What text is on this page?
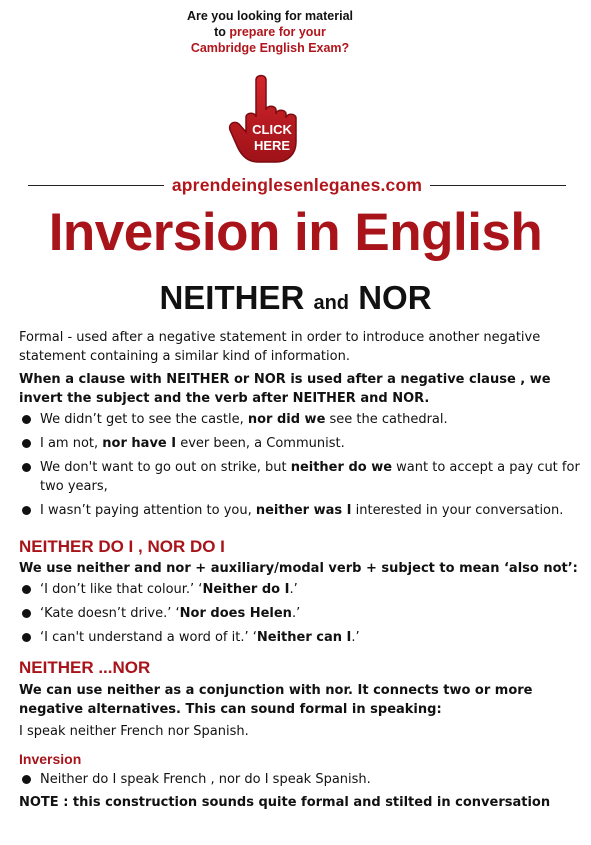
Are you looking for material
to prepare for your
Cambridge English Exam?
CLICK
HERE
aprendeinglesenleganes.com
Inversion in English
NEITHER and NOR

Formal - used after a negative statement in order to introduce another negative statement containing a similar kind of information.

When a clause with NEITHER or NOR is used after a negative clause , we invert the subject and the verb after NEITHER and NOR.

We didn’t get to see the castle, nor did we see the cathedral.
I am not, nor have I ever been, a Communist.
We don't want to go out on strike, but neither do we want to accept a pay cut for two years,
I wasn’t paying attention to you, neither was I interested in your conversation.
NEITHER DO I , NOR DO I

We use neither and nor + auxiliary/modal verb + subject to mean ‘also not’:

‘I don’t like that colour.’ ‘Neither do I.’
‘Kate doesn’t drive.’ ‘Nor does Helen.’
‘I can't understand a word of it.’ ‘Neither can I.’
NEITHER ...NOR

We can use neither as a conjunction with nor. It connects two or more negative alternatives. This can sound formal in speaking:

I speak neither French nor Spanish.

Inversion
Neither do I speak French , nor do I speak Spanish.

NOTE : this construction sounds quite formal and stilted in conversation
